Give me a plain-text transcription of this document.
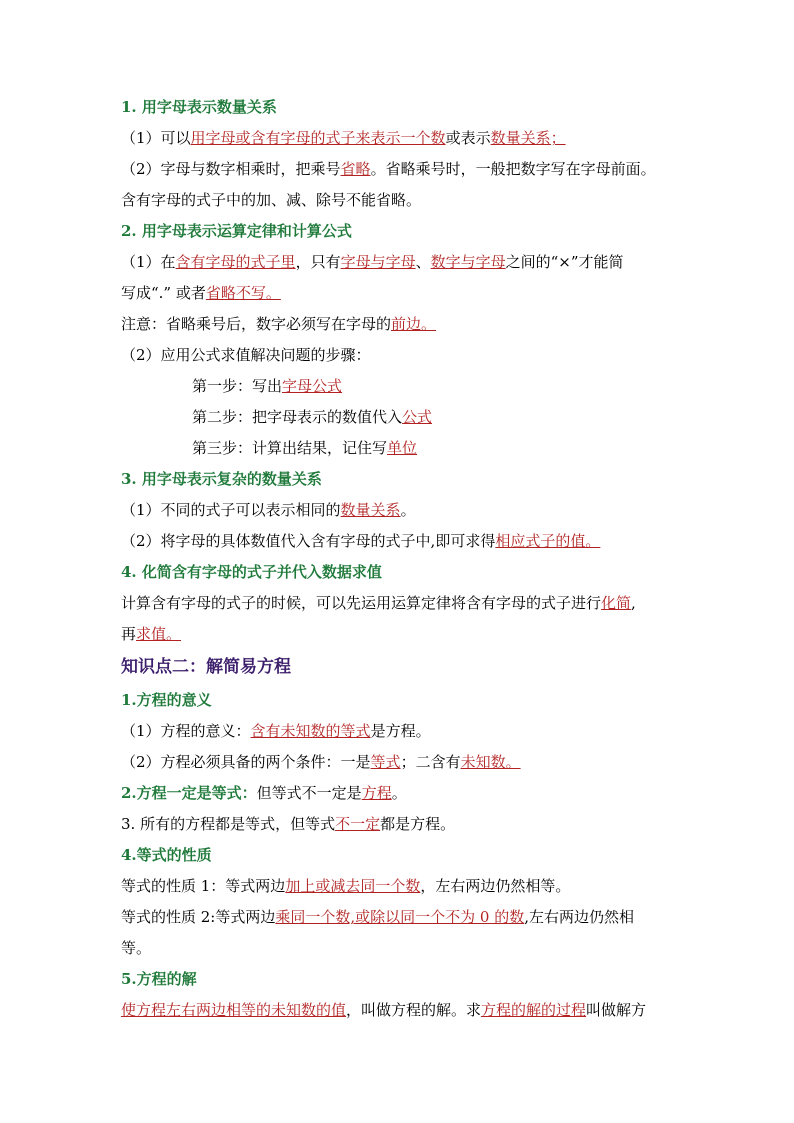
1. 用字母表示数量关系
（1）可以用字母或含有字母的式子来表示一个数或表示数量关系；
（2）字母与数字相乘时，把乘号省略。省略乘号时，一般把数字写在字母前面。
含有字母的式子中的加、减、除号不能省略。
2. 用字母表示运算定律和计算公式
（1）在含有字母的式子里，只有字母与字母、数字与字母之间的“×”才能简
写成“.” 或者省略不写。
注意：省略乘号后，数字必须写在字母的前边。
（2）应用公式求值解决问题的步骤：
第一步：写出字母公式
第二步：把字母表示的数值代入公式
第三步：计算出结果，记住写单位
3. 用字母表示复杂的数量关系
（1）不同的式子可以表示相同的数量关系。
（2）将字母的具体数值代入含有字母的式子中,即可求得相应式子的值。
4. 化简含有字母的式子并代入数据求值
计算含有字母的式子的时候，可以先运用运算定律将含有字母的式子进行化简,
再求值。
知识点二：解简易方程
1.方程的意义
（1）方程的意义：含有未知数的等式是方程。
（2）方程必须具备的两个条件：一是等式；二含有未知数。
2.方程一定是等式：但等式不一定是方程。
3. 所有的方程都是等式，但等式不一定都是方程。
4.等式的性质
等式的性质 1：等式两边加上或减去同一个数，左右两边仍然相等。
等式的性质 2:等式两边乘同一个数,或除以同一个不为 0 的数,左右两边仍然相
等。
5.方程的解
使方程左右两边相等的未知数的值，叫做方程的解。求方程的解的过程叫做解方
